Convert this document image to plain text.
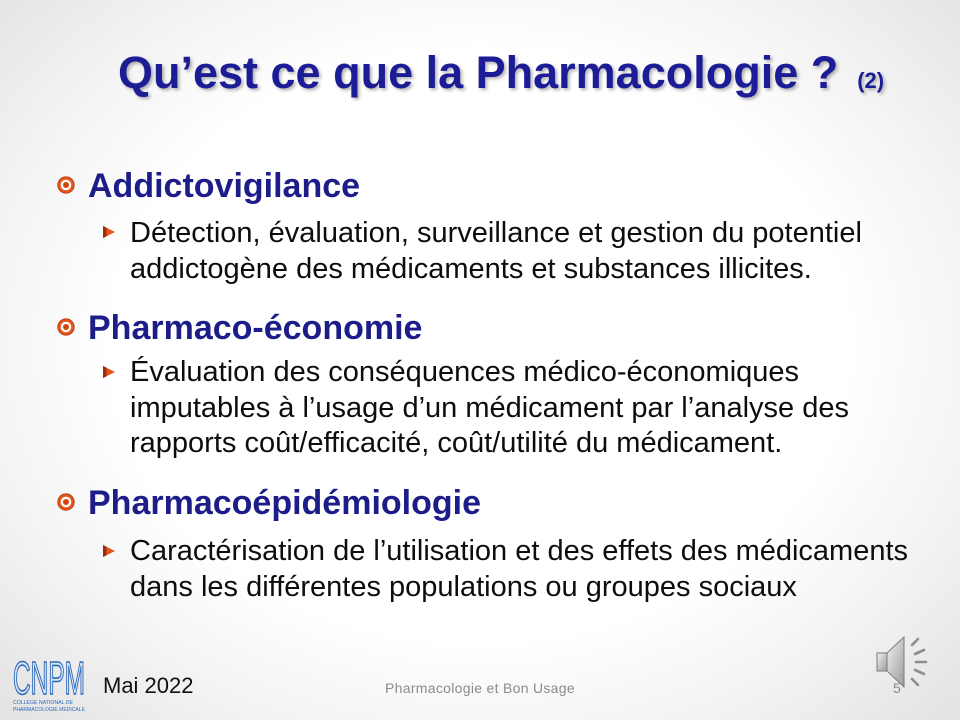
Qu’est ce que la Pharmacologie ? (2)
Addictovigilance
Détection, évaluation, surveillance et gestion du potentiel
addictogène des médicaments et substances illicites.
Pharmaco-économie
Évaluation des conséquences médico-économiques
imputables à l’usage d’un médicament par l’analyse des
rapports coût/efficacité, coût/utilité du médicament.
Pharmacoépidémiologie
Caractérisation de l’utilisation et des effets des médicaments
dans les différentes populations ou groupes sociaux
CNPM
COLLEGE NATIONAL DE
PHARMACOLOGIE MEDICALE
Mai 2022	Pharmacologie et Bon Usage	5
